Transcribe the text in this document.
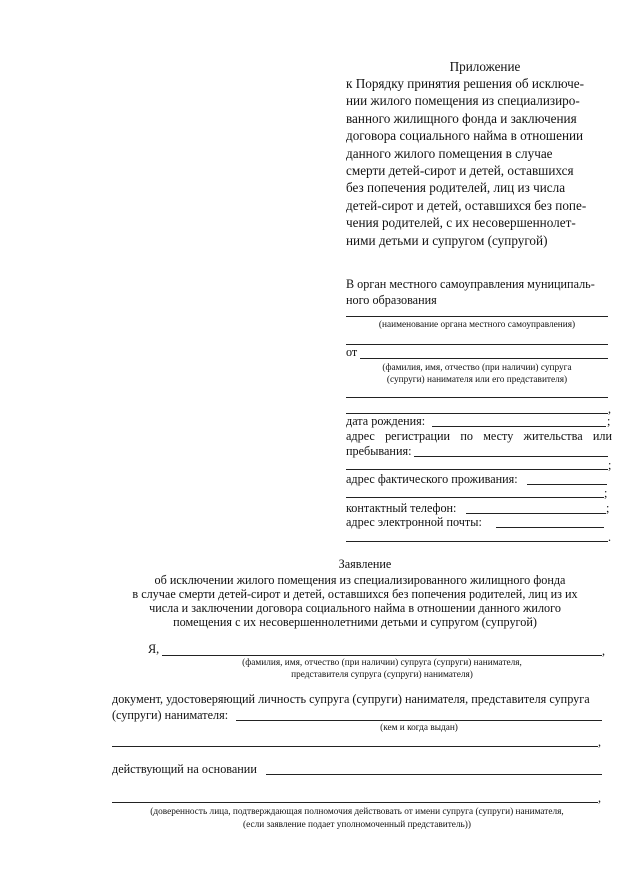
Приложение
к Порядку принятия решения об исключе-
нии жилого помещения из специализиро-
ванного жилищного фонда и заключения
договора социального найма в отношении
данного жилого помещения в случае
смерти детей-сирот и детей, оставшихся
без попечения родителей, лиц из числа
детей-сирот и детей, оставшихся без попе-
чения родителей, с их несовершеннолет-
ними детьми и супругом (супругой)
В орган местного самоуправления муниципаль-
ного образования
(наименование органа местного самоуправления)
от
(фамилия, имя, отчество (при наличии) супруга
(супруги) нанимателя или его представителя)
,
дата рождения:	;
адрес регистрации по месту жительства или
пребывания:
;
адрес фактического проживания:
;
контактный телефон:	;
адрес электронной почты:
.
Заявление
об исключении жилого помещения из специализированного жилищного фонда
в случае смерти детей-сирот и детей, оставшихся без попечения родителей, лиц из их
числа и заключении договора социального найма в отношении данного жилого
помещения с их несовершеннолетними детьми и супругом (супругой)
Я,	,
(фамилия, имя, отчество (при наличии) супруга (супруги) нанимателя,
представителя супруга (супруги) нанимателя)
документ, удостоверяющий личность супруга (супруги) нанимателя, представителя супруга
(супруги) нанимателя:
(кем и когда выдан)
,
действующий на основании
,
(доверенность лица, подтверждающая полномочия действовать от имени супруга (супруги) нанимателя,
(если заявление подает уполномоченный представитель))
